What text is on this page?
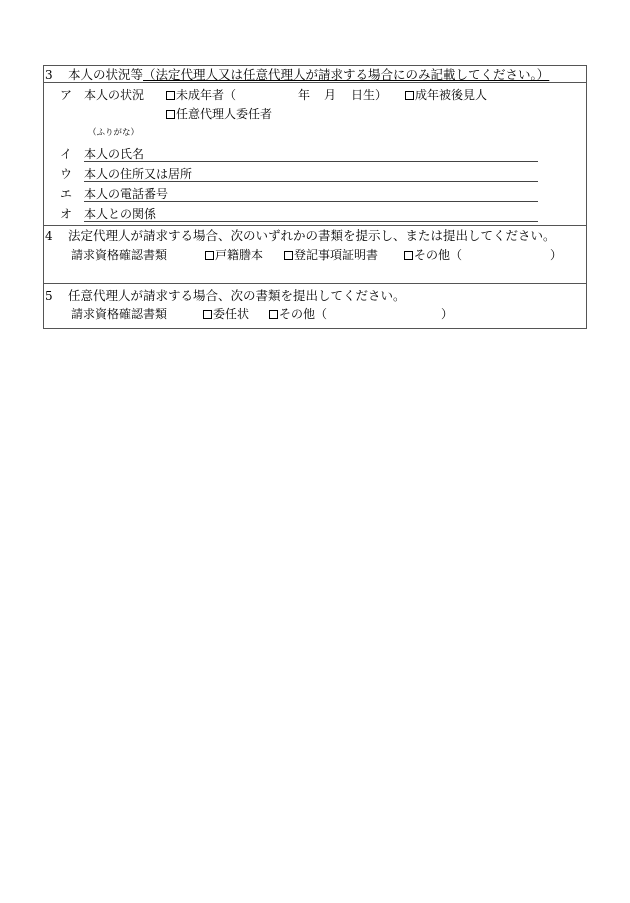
3 本人の状況等（法定代理人又は任意代理人が請求する場合にのみ記載してください。）
ア 本人の状況	未成年者（	年 月 日生）	成年被後見人
任意代理人委任者
（ふりがな）
イ 本人の氏名
ウ 本人の住所又は居所
エ 本人の電話番号
オ 本人との関係
4 法定代理人が請求する場合、次のいずれかの書類を提示し、または提出してください。
請求資格確認書類	戸籍謄本	登記事項証明書	その他（	）
5 任意代理人が請求する場合、次の書類を提出してください。
請求資格確認書類	委任状	その他（	）
